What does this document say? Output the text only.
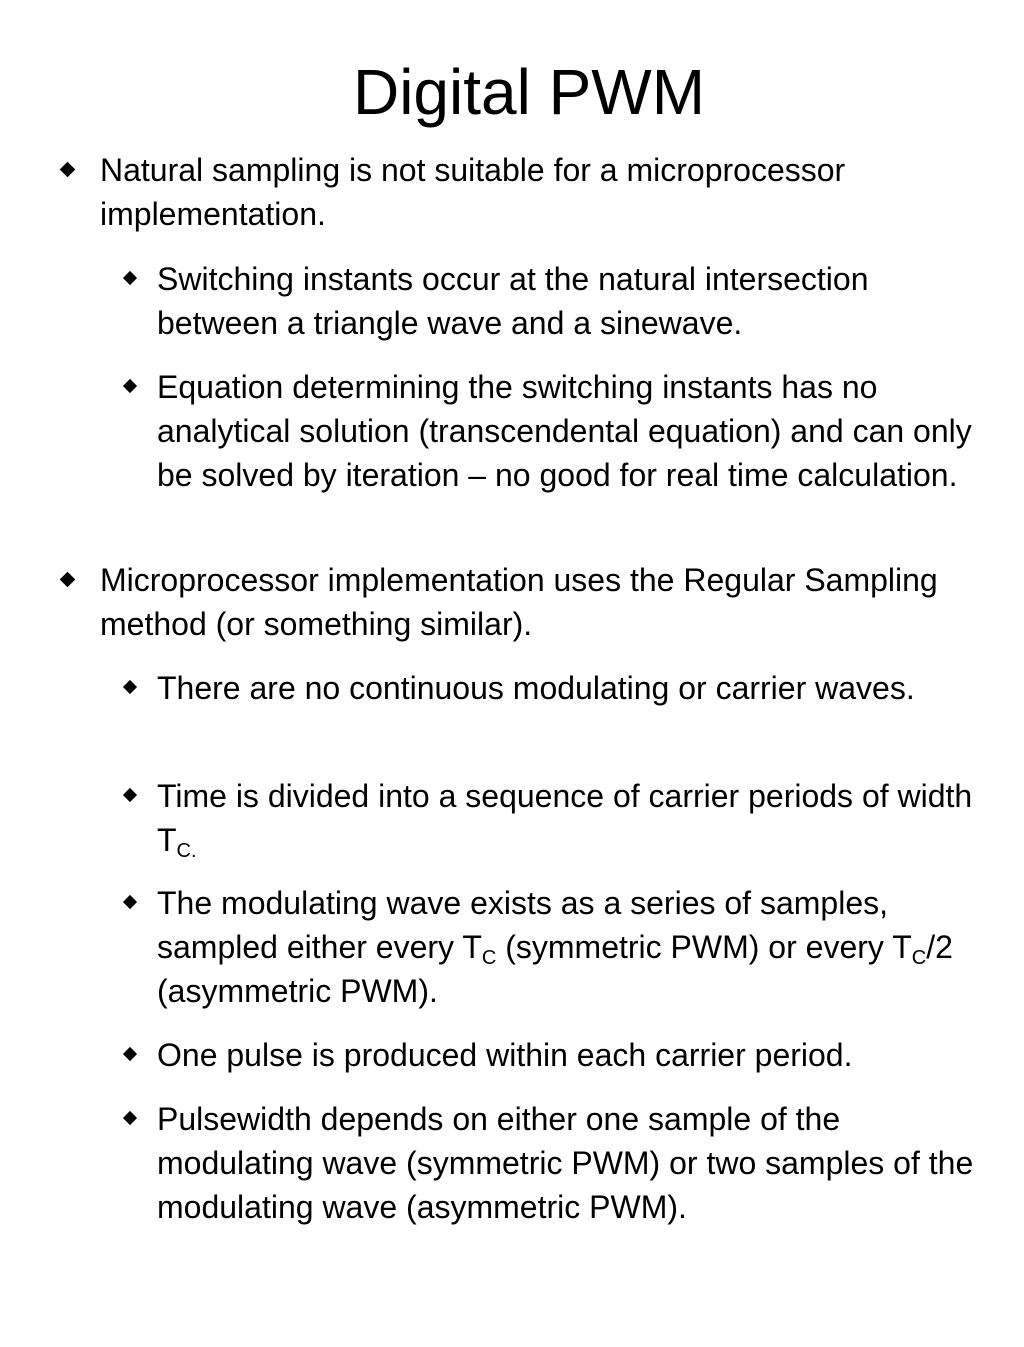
Digital PWM
Natural sampling is not suitable for a microprocessor implementation.
Switching instants occur at the natural intersection between a triangle wave and a sinewave.
Equation determining the switching instants has no analytical solution (transcendental equation) and can only be solved by iteration – no good for real time calculation.
Microprocessor implementation uses the Regular Sampling method (or something similar).
There are no continuous modulating or carrier waves.
Time is divided into a sequence of carrier periods of width $T_{C.}$
The modulating wave exists as a series of samples, sampled either every $T_C$ (symmetric PWM) or every $T_C/2$ (asymmetric PWM).
One pulse is produced within each carrier period.
Pulsewidth depends on either one sample of the modulating wave (symmetric PWM) or two samples of the modulating wave (asymmetric PWM).
